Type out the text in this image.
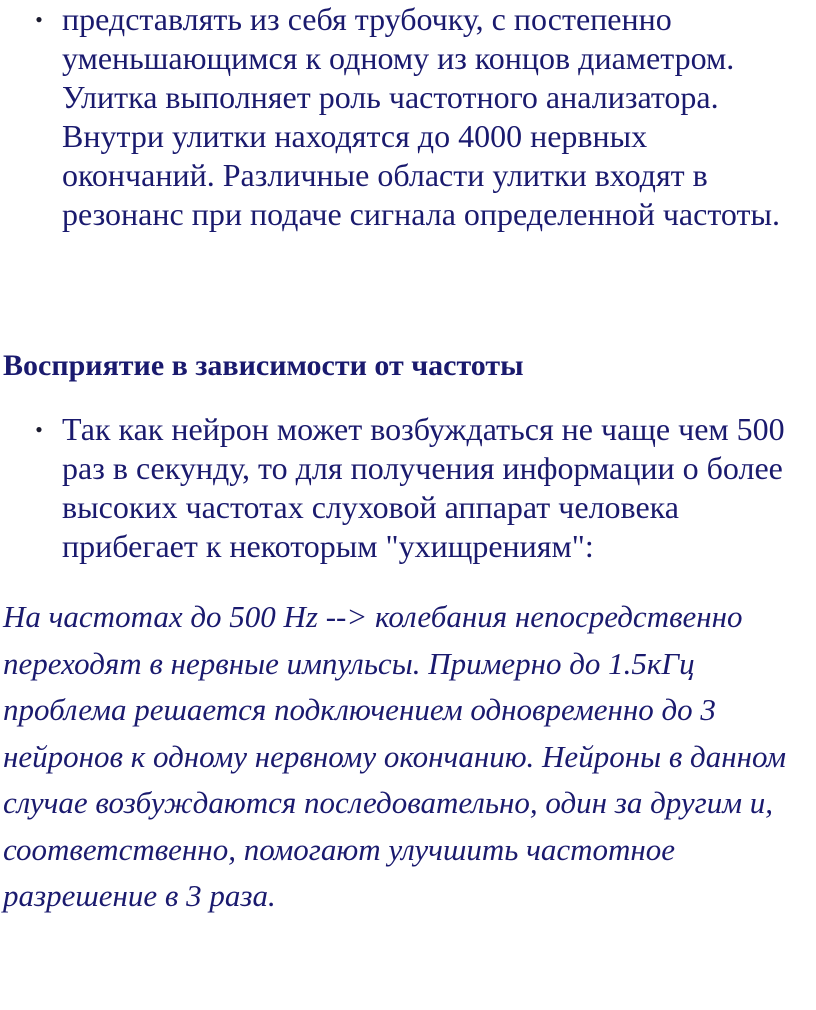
● представлять из себя трубочку, с постепенно уменьшающимся к одному из концов диаметром. Улитка выполняет роль частотного анализатора. Внутри улитки находятся до 4000 нервных окончаний. Различные области улитки входят в резонанс при подаче сигнала определенной частоты.
Восприятие в зависимости от частоты
● Так как нейрон может возбуждаться не чаще чем 500 раз в секунду, то для получения информации о более высоких частотах слуховой аппарат человека прибегает к некоторым "ухищрениям":

На частотах до 500 Hz --> колебания непосредственно переходят в нервные импульсы. Примерно до 1.5кГц проблема решается подключением одновременно до 3 нейронов к одному нервному окончанию. Нейроны в данном случае возбуждаются последовательно, один за другим и, соответственно, помогают улучшить частотное разрешение в 3 раза.
